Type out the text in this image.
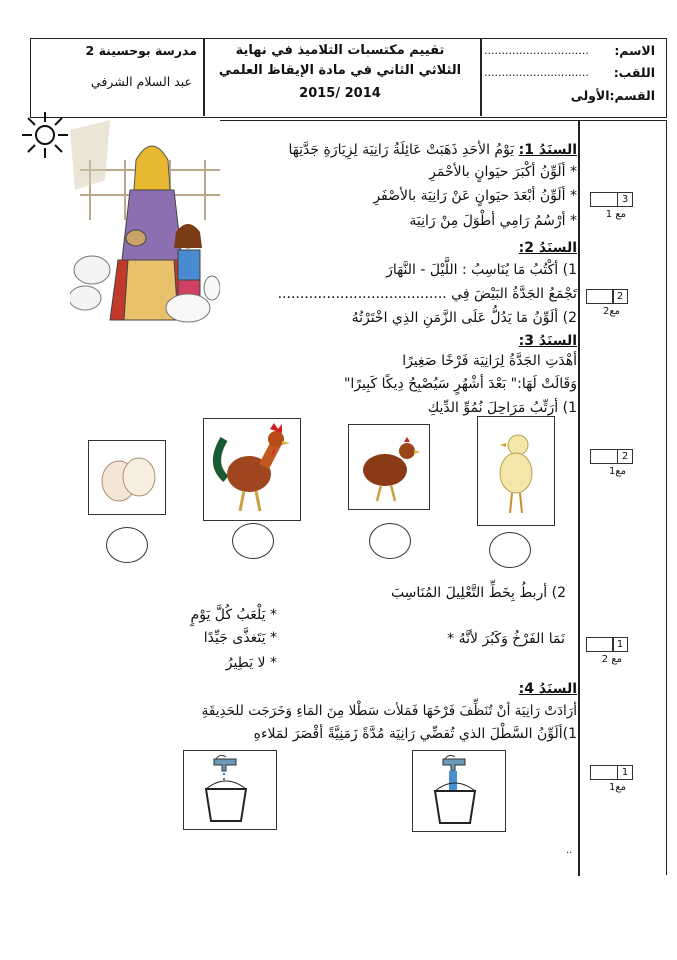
مدرسة بوحسينة 2
عبد السلام الشرفي
تقييم مكتسبات التلاميذ في نهاية
الثلاثي الثاني في مادة الإيقاظ العلمي
2015/ 2014
الاسم:
..............................
اللقب:
..............................
القسم:الأولى
السنَدُ 1: يَوْمُ الأحَدِ ذَهَبَتْ عَائِلَةُ رَانِيَة لِزِيَارَةِ جَدَّتِهَا
* ألَوِّنُ أكْبَرَ حيَوانٍ بالأحْمَرِ
* ألَوِّنُ أبْعَدَ حيَوانٍ عَنْ رَانِيَة بالأصْفَرِ
* أرْسُمُ رَامِي أطْوَلَ مِنْ رَانِيَة
3
مع 1
السنَدُ 2:
1) أكْتُبُ مَا يُنَاسِبُ : اللَّيْلَ - النَّهَارَ
تَجْمَعُ الجَدَّةُ البَيْضَ فِي ......................................
2) ألَوِّنُ مَا يَدُلُّ عَلَى الزَّمَنِ الذِي اخْتَرْتُهُ
2
مع2
السنَدُ 3:
أهْدَتِ الجَدَّةُ لِرَانِيَة فَرْخًا صَغِيرًا
وَقَالَتْ لَهَا:" بَعْدَ أشْهُرٍ سَيُصْبِحُ دِيكًا كَبِيرًا"
1) أرَتِّبُ مَرَاحِلَ نُمُوِّ الدِّيكِ
2
مع1
2) أربطُ بِخَطِّ التَّعْلِيلَ المُنَاسِبَ
* يَلْعَبُ كُلَّ يَوْمٍ
* يَتَغذَّى جَيِّدًا
* لا يَطِيرُ
نَمَا الفَرْخُ وَكَبُرَ لأنَّهُ *	1
مع 2
السنَدُ 4:
أرَادَتْ رَانِيَة أنْ تُنَظِّفَ فَرْخَهَا فَمَلأت سَطْلا مِنَ المَاءِ وَخَرَجَت للحَدِيقَةِ
1)ألَوِّنُ السَّطْلَ الذي تُقضِّي رَانِيَة مُدَّةً زَمَنِيَّةً أقْصَرَ لمَلاءهِ
1
مع1
..
